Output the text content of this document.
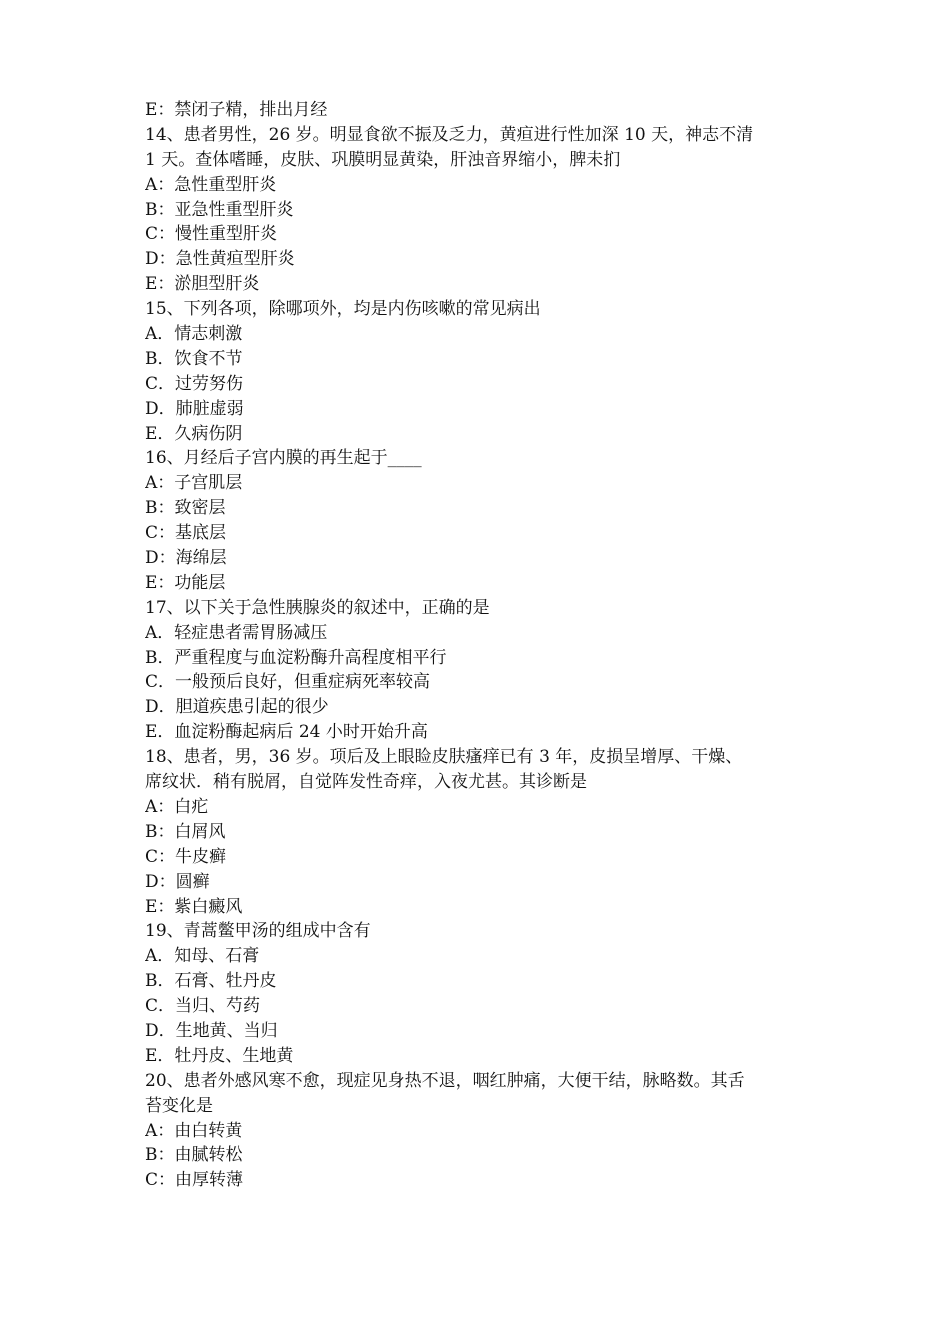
E：禁闭子精，排出月经
14、患者男性，26 岁。明显食欲不振及乏力，黄疸进行性加深 10 天，神志不清
1 天。查体嗜睡，皮肤、巩膜明显黄染，肝浊音界缩小，脾未扪
A：急性重型肝炎
B：亚急性重型肝炎
C：慢性重型肝炎
D：急性黄疸型肝炎
E：淤胆型肝炎
15、下列各项，除哪项外，均是内伤咳嗽的常见病出
A．情志刺激
B．饮食不节
C．过劳努伤
D．肺脏虚弱
E．久病伤阴
16、月经后子宫内膜的再生起于____
A：子宫肌层
B：致密层
C：基底层
D：海绵层
E：功能层
17、以下关于急性胰腺炎的叙述中，正确的是
A．轻症患者需胃肠减压
B．严重程度与血淀粉酶升高程度相平行
C．一般预后良好，但重症病死率较高
D．胆道疾患引起的很少
E．血淀粉酶起病后 24 小时开始升高
18、患者，男，36 岁。项后及上眼睑皮肤瘙痒已有 3 年，皮损呈增厚、干燥、
席纹状．稍有脱屑，自觉阵发性奇痒，入夜尤甚。其诊断是
A：白疕
B：白屑风
C：牛皮癣
D：圆癣
E：紫白癜风
19、青蒿鳖甲汤的组成中含有
A．知母、石膏
B．石膏、牡丹皮
C．当归、芍药
D．生地黄、当归
E．牡丹皮、生地黄
20、患者外感风寒不愈，现症见身热不退，咽红肿痛，大便干结，脉略数。其舌
苔变化是
A：由白转黄
B：由腻转松
C：由厚转薄
